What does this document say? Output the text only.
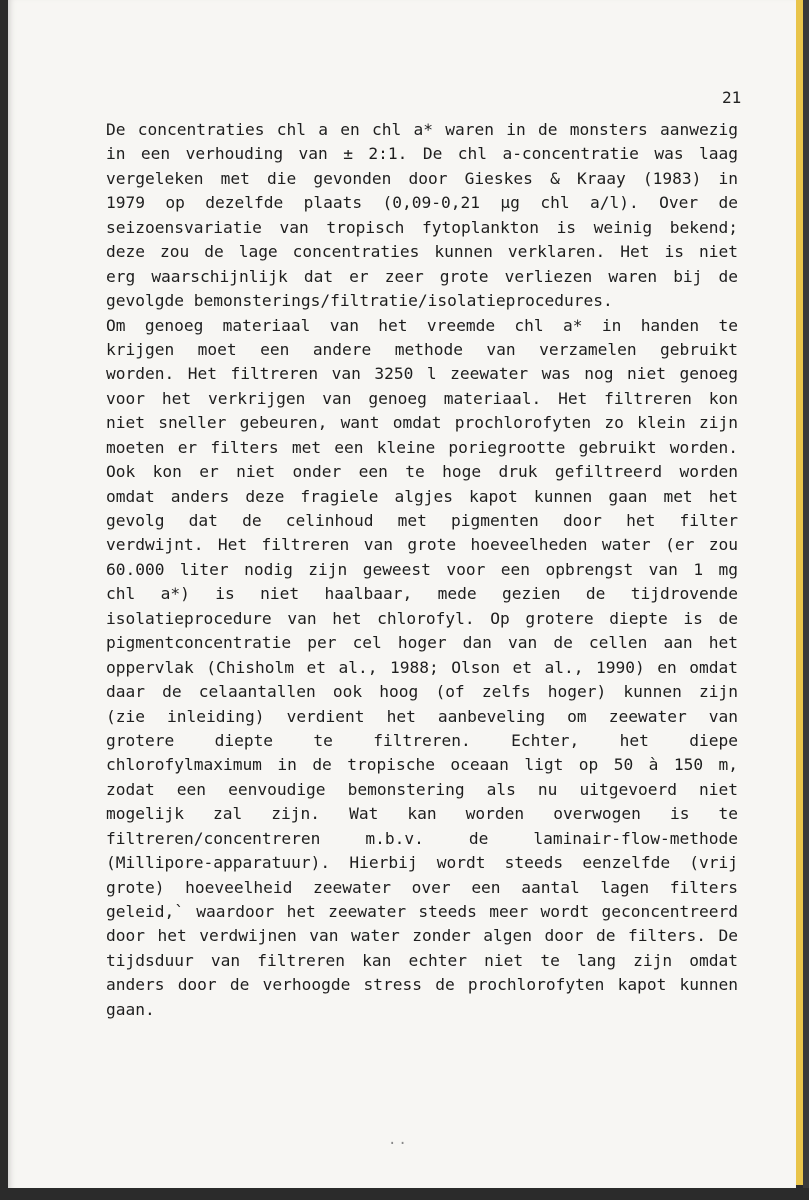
21
De concentraties chl a en chl a* waren in de monsters aanwezig
in een verhouding van ± 2:1. De chl a-concentratie was laag
vergeleken met die gevonden door Gieskes & Kraay (1983) in
1979 op dezelfde plaats (0,09-0,21 µg chl a/l). Over de
seizoensvariatie van tropisch fytoplankton is weinig bekend;
deze zou de lage concentraties kunnen verklaren. Het is niet
erg waarschijnlijk dat er zeer grote verliezen waren bij de
gevolgde bemonsterings/filtratie/isolatieprocedures.
Om genoeg materiaal van het vreemde chl a* in handen te
krijgen moet een andere methode van verzamelen gebruikt
worden. Het filtreren van 3250 l zeewater was nog niet genoeg
voor het verkrijgen van genoeg materiaal. Het filtreren kon
niet sneller gebeuren, want omdat prochlorofyten zo klein zijn
moeten er filters met een kleine poriegrootte gebruikt worden.
Ook kon er niet onder een te hoge druk gefiltreerd worden
omdat anders deze fragiele algjes kapot kunnen gaan met het
gevolg dat de celinhoud met pigmenten door het filter
verdwijnt. Het filtreren van grote hoeveelheden water (er zou
60.000 liter nodig zijn geweest voor een opbrengst van 1 mg
chl a*) is niet haalbaar, mede gezien de tijdrovende
isolatieprocedure van het chlorofyl. Op grotere diepte is de
pigmentconcentratie per cel hoger dan van de cellen aan het
oppervlak (Chisholm et al., 1988; Olson et al., 1990) en omdat
daar de celaantallen ook hoog (of zelfs hoger) kunnen zijn
(zie inleiding) verdient het aanbeveling om zeewater van
grotere diepte te filtreren. Echter, het diepe
chlorofylmaximum in de tropische oceaan ligt op 50 à 150 m,
zodat een eenvoudige bemonstering als nu uitgevoerd niet
mogelijk zal zijn. Wat kan worden overwogen is te
filtreren/concentreren m.b.v. de laminair-flow-methode
(Millipore-apparatuur). Hierbij wordt steeds eenzelfde (vrij
grote) hoeveelheid zeewater over een aantal lagen filters
geleid,` waardoor het zeewater steeds meer wordt geconcentreerd
door het verdwijnen van water zonder algen door de filters. De
tijdsduur van filtreren kan echter niet te lang zijn omdat
anders door de verhoogde stress de prochlorofyten kapot kunnen
gaan.
..
